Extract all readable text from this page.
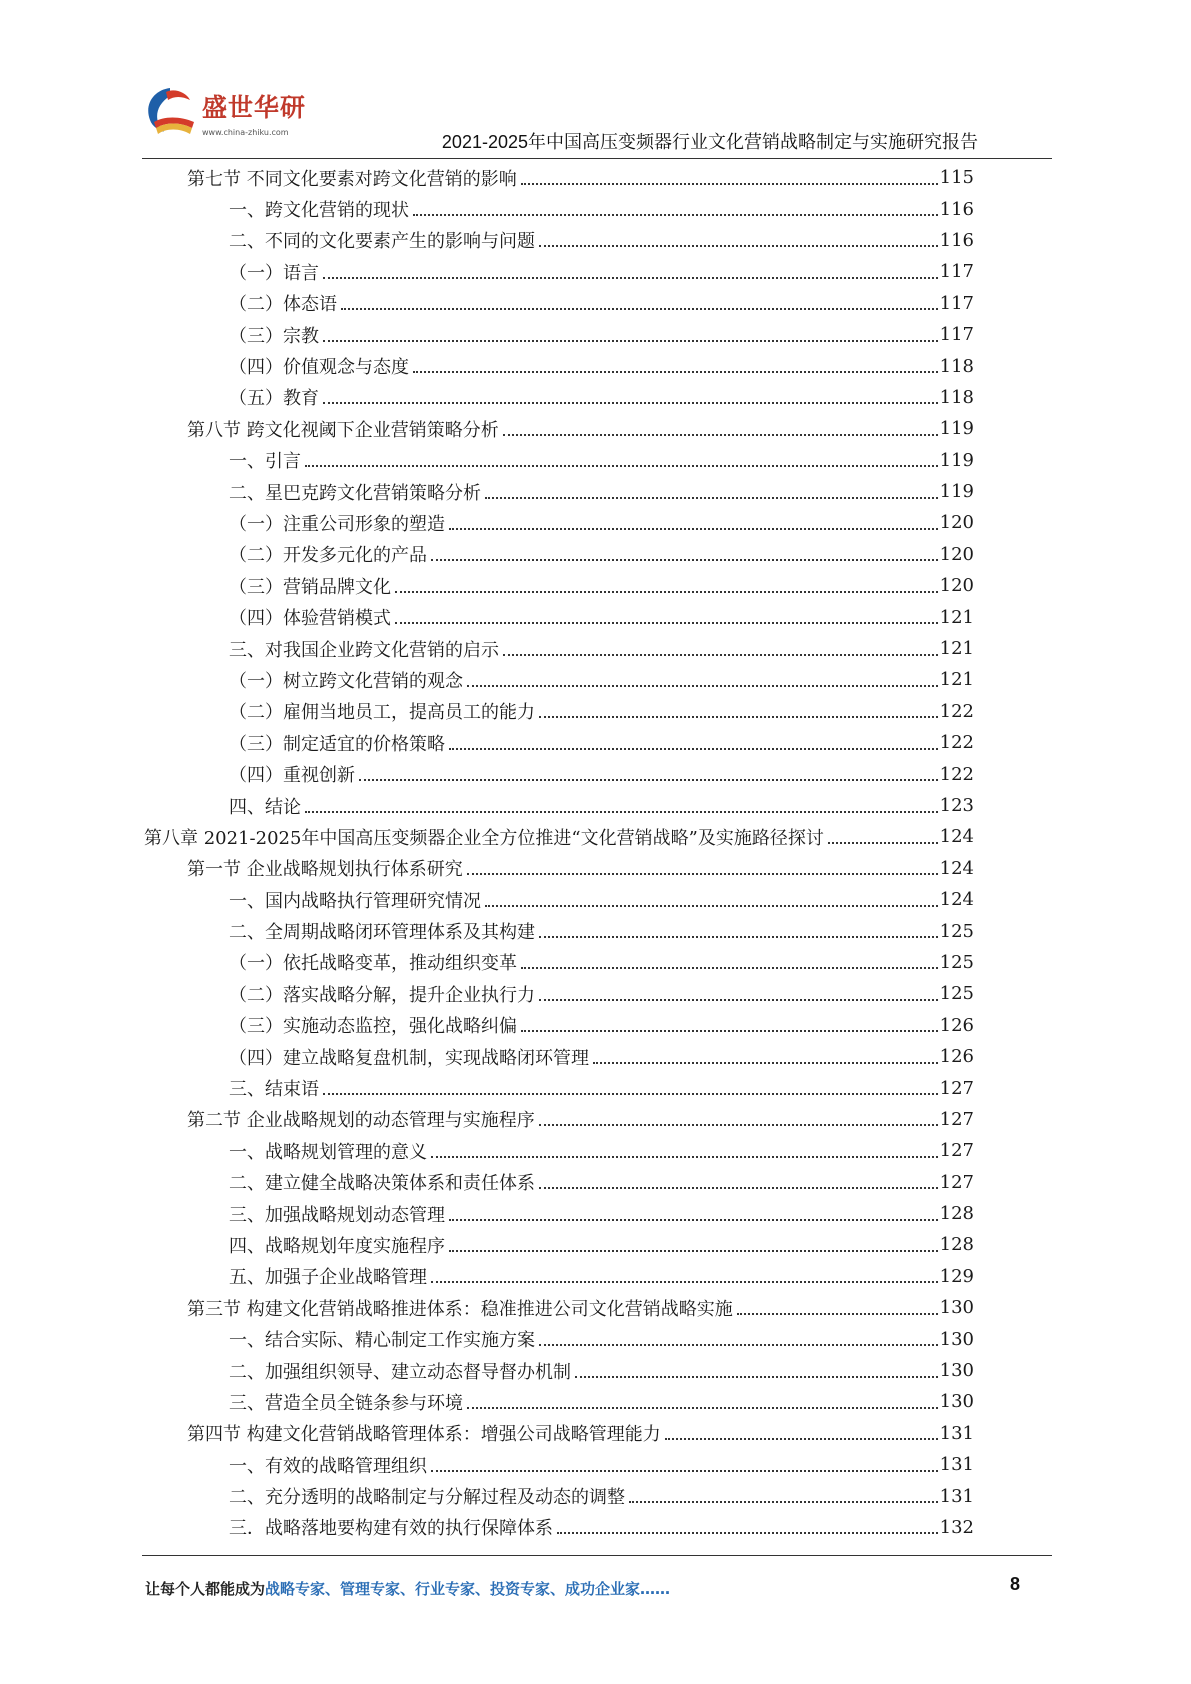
盛世华研
www.china-zhiku.com	2021-2025年中国高压变频器行业文化营销战略制定与实施研究报告
第七节 不同文化要素对跨文化营销的影响	115
一、跨文化营销的现状	116
二、不同的文化要素产生的影响与问题	116
（一）语言	117
（二）体态语	117
（三）宗教	117
（四）价值观念与态度	118
（五）教育	118
第八节 跨文化视阈下企业营销策略分析	119
一、引言	119
二、星巴克跨文化营销策略分析	119
（一）注重公司形象的塑造	120
（二）开发多元化的产品	120
（三）营销品牌文化	120
（四）体验营销模式	121
三、对我国企业跨文化营销的启示	121
（一）树立跨文化营销的观念	121
（二）雇佣当地员工，提高员工的能力	122
（三）制定适宜的价格策略	122
（四）重视创新	122
四、结论	123
第八章 2021-2025年中国高压变频器企业全方位推进“文化营销战略”及实施路径探讨	124
第一节 企业战略规划执行体系研究	124
一、国内战略执行管理研究情况	124
二、全周期战略闭环管理体系及其构建	125
（一）依托战略变革，推动组织变革	125
（二）落实战略分解，提升企业执行力	125
（三）实施动态监控，强化战略纠偏	126
（四）建立战略复盘机制，实现战略闭环管理	126
三、结束语	127
第二节 企业战略规划的动态管理与实施程序	127
一、战略规划管理的意义	127
二、建立健全战略决策体系和责任体系	127
三、加强战略规划动态管理	128
四、战略规划年度实施程序	128
五、加强子企业战略管理	129
第三节 构建文化营销战略推进体系：稳准推进公司文化营销战略实施	130
一、结合实际、精心制定工作实施方案	130
二、加强组织领导、建立动态督导督办机制	130
三、营造全员全链条参与环境	130
第四节 构建文化营销战略管理体系：增强公司战略管理能力	131
一、有效的战略管理组织	131
二、充分透明的战略制定与分解过程及动态的调整	131
三．战略落地要构建有效的执行保障体系	132
让每个人都能成为战略专家、管理专家、行业专家、投资专家、成功企业家……	8
